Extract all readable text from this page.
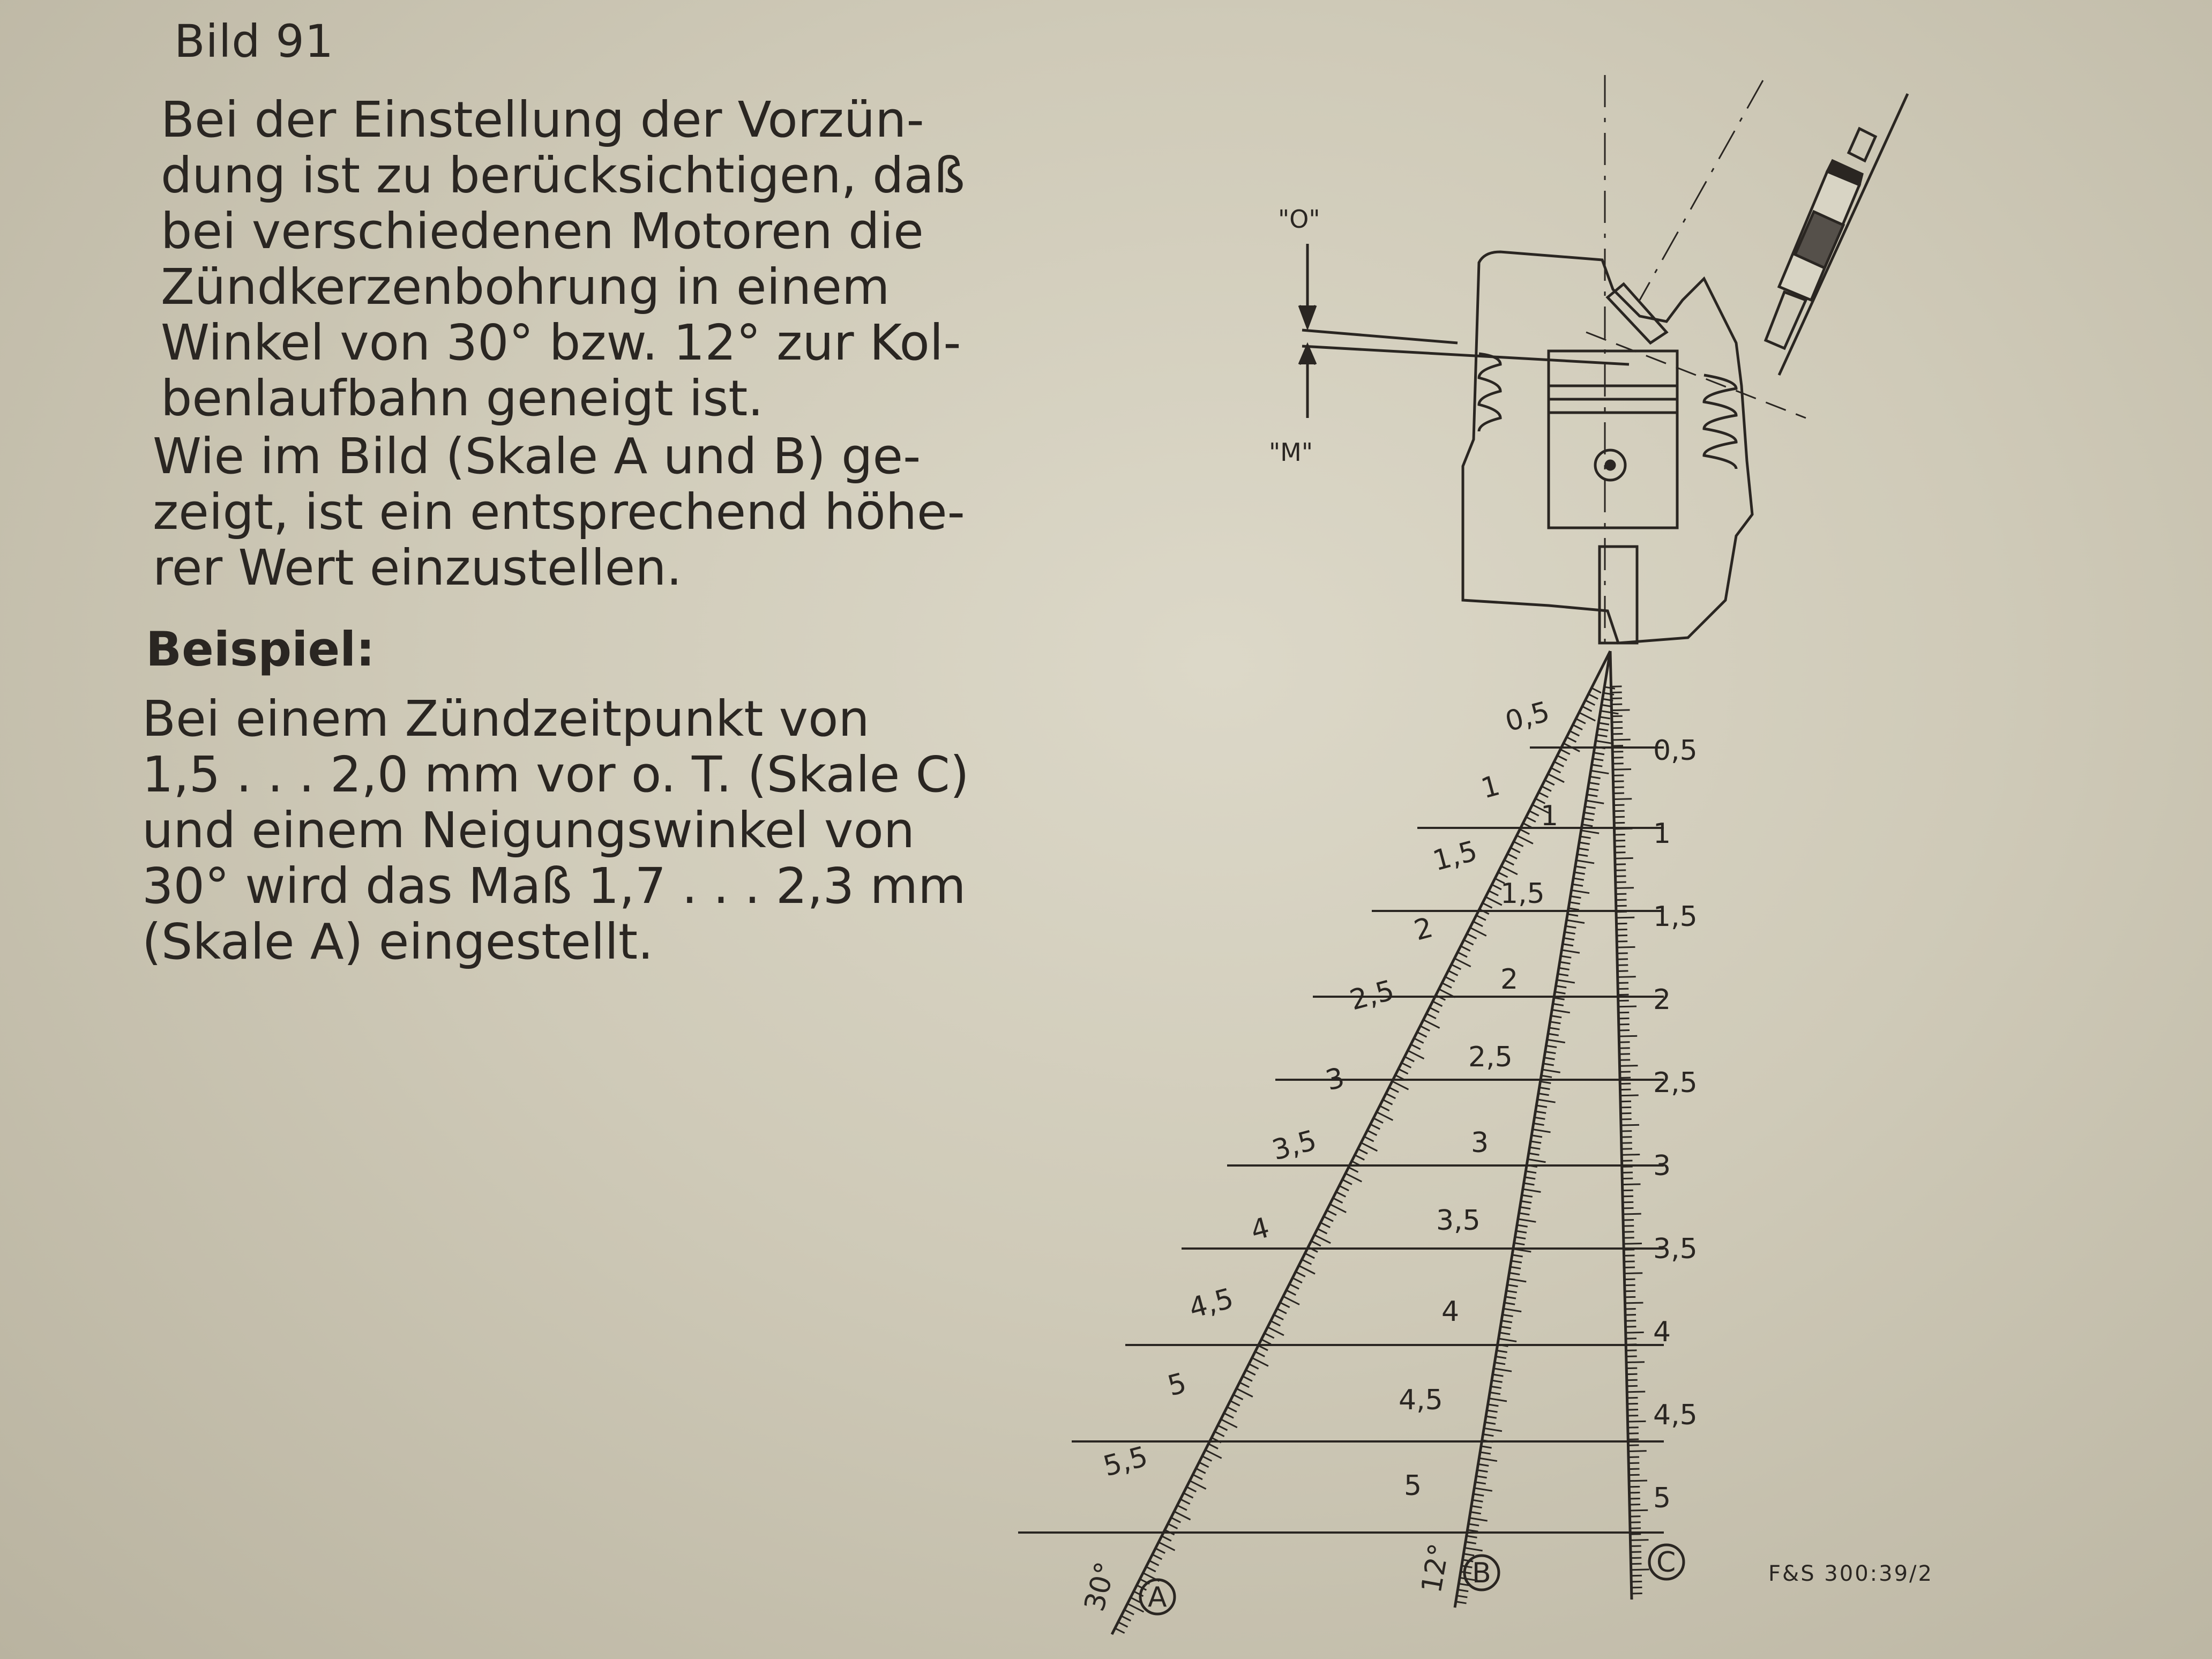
Bild 91
Bei der Einstellung der Vorzün-
dung ist zu berücksichtigen, daß
bei verschiedenen Motoren die
Zündkerzenbohrung in einem
Winkel von 30° bzw. 12° zur Kol-
benlaufbahn geneigt ist.
Wie im Bild (Skale A und B) ge-
zeigt, ist ein entsprechend höhe-
rer Wert einzustellen.
Beispiel:
Bei einem Zündzeitpunkt von
1,5 . . . 2,0 mm vor o. T. (Skale C)
und einem Neigungswinkel von
30° wird das Maß 1,7 . . . 2,3 mm
(Skale A) eingestellt.
"O"
"M"
F&S 300:39/2
0,5
1
1,5
2
2,5
3
3,5
4
4,5
5
0,5
1
1,5
2
2,5
3
3,5
4
4,5
5
5,5
1
1,5
2
2,5
3
3,5
4
4,5
5
A
B	C
30°	12°
